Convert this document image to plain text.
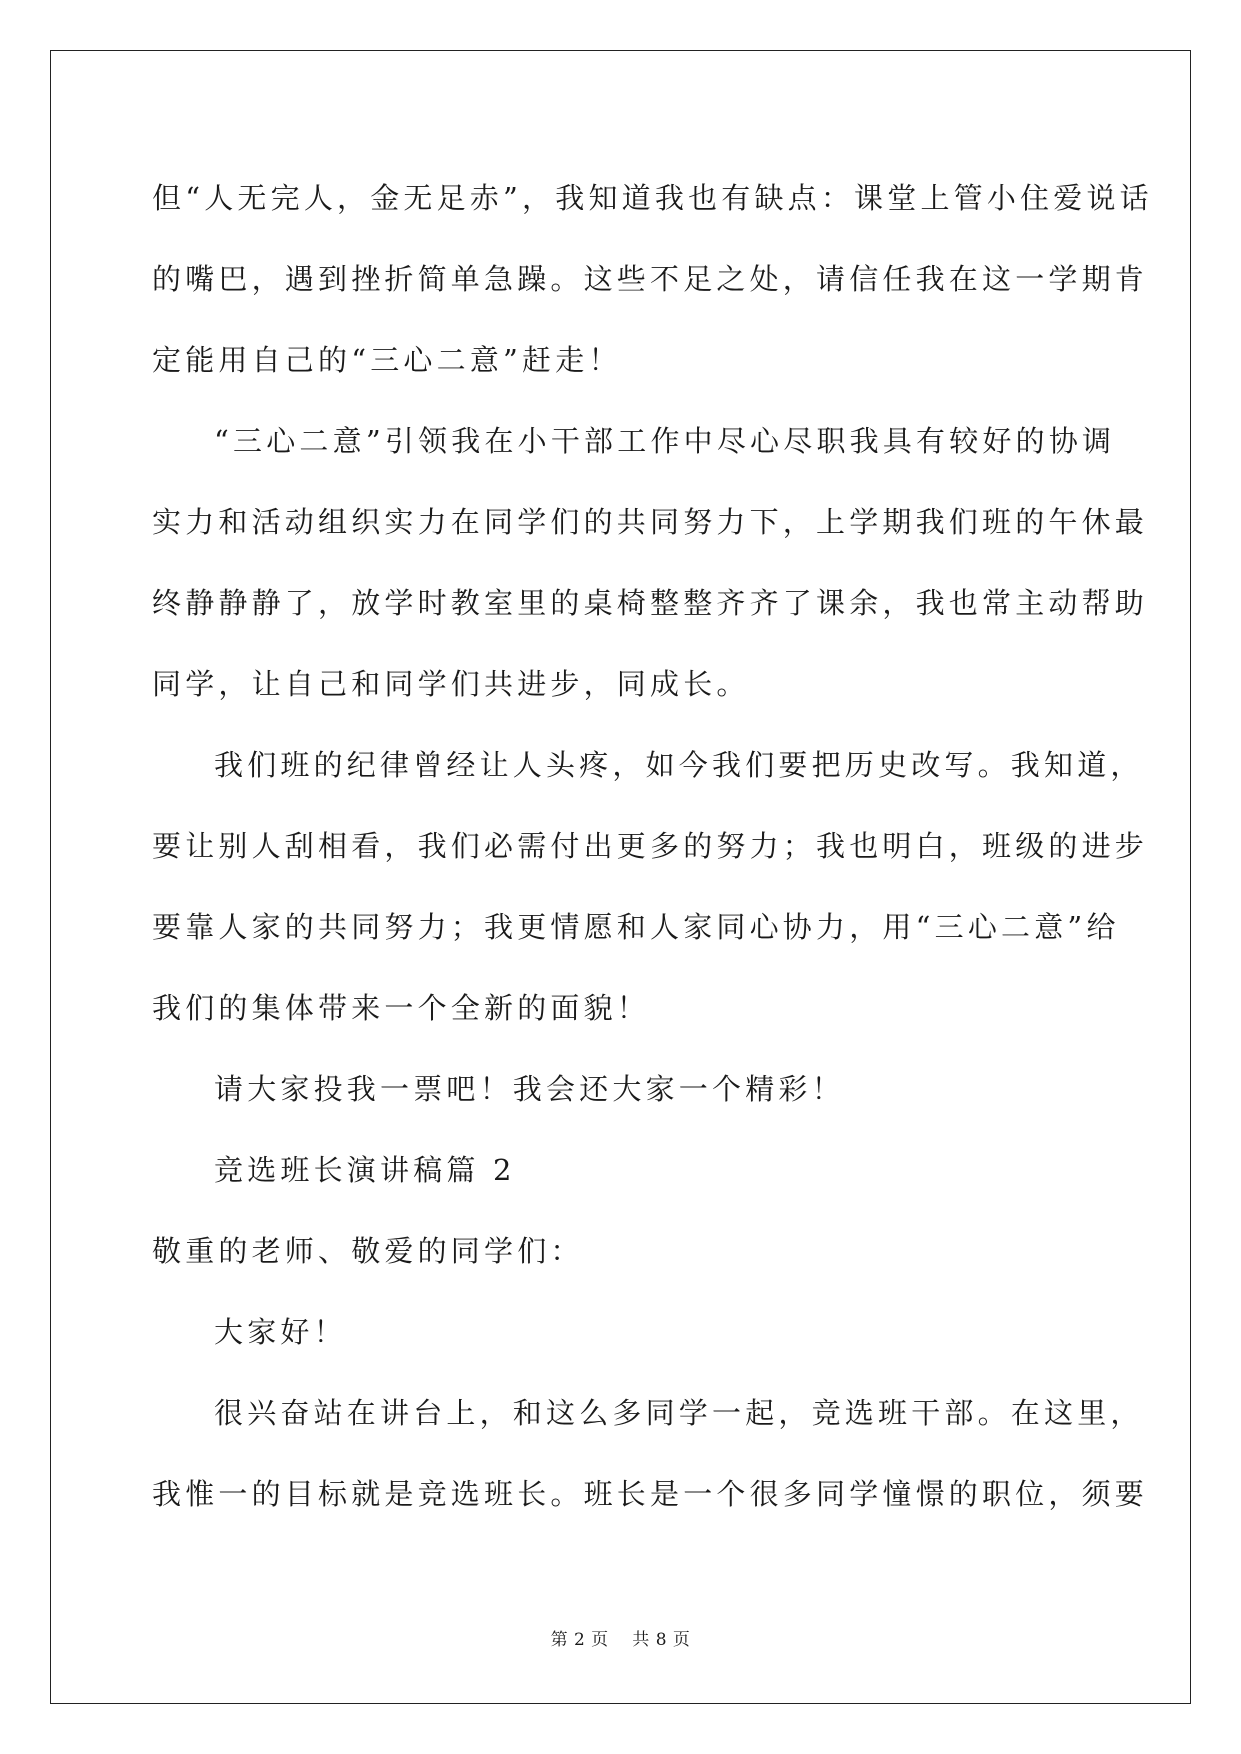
但“人无完人，金无足赤”，我知道我也有缺点：课堂上管小住爱说话
的嘴巴，遇到挫折简单急躁。这些不足之处，请信任我在这一学期肯
定能用自己的“三心二意”赶走！
“三心二意”引领我在小干部工作中尽心尽职我具有较好的协调
实力和活动组织实力在同学们的共同努力下，上学期我们班的午休最
终静静静了，放学时教室里的桌椅整整齐齐了课余，我也常主动帮助
同学，让自己和同学们共进步，同成长。
我们班的纪律曾经让人头疼，如今我们要把历史改写。我知道，
要让别人刮相看，我们必需付出更多的努力；我也明白，班级的进步
要靠人家的共同努力；我更情愿和人家同心协力，用“三心二意”给
我们的集体带来一个全新的面貌！
请大家投我一票吧！我会还大家一个精彩！
竞选班长演讲稿篇 2
敬重的老师、敬爱的同学们：
大家好！
很兴奋站在讲台上，和这么多同学一起，竞选班干部。在这里，
我惟一的目标就是竞选班长。班长是一个很多同学憧憬的职位，须要
第 2 页    共 8 页
